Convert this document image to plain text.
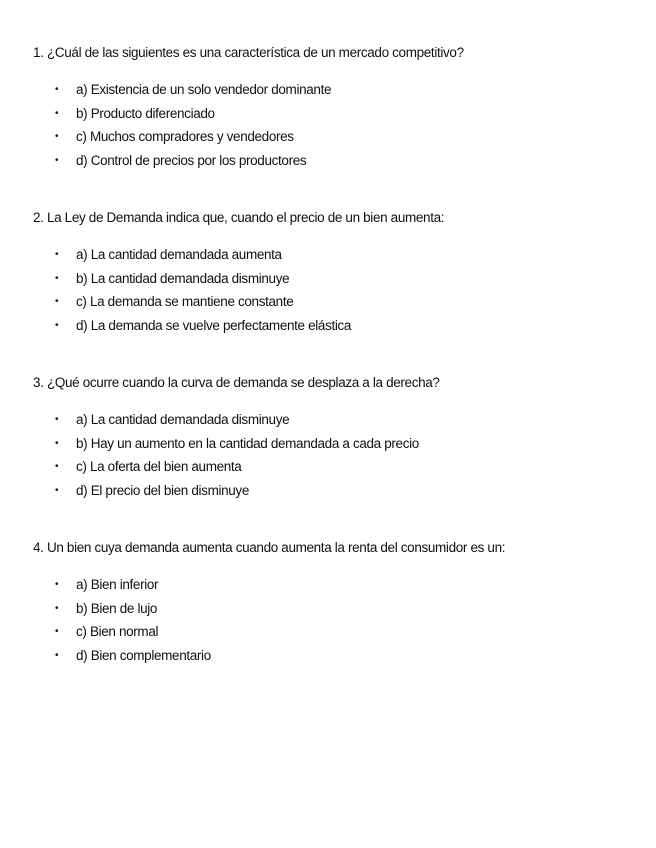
1. ¿Cuál de las siguientes es una característica de un mercado competitivo?

• a) Existencia de un solo vendedor dominante
• b) Producto diferenciado
• c) Muchos compradores y vendedores
• d) Control de precios por los productores

2. La Ley de Demanda indica que, cuando el precio de un bien aumenta:

• a) La cantidad demandada aumenta
• b) La cantidad demandada disminuye
• c) La demanda se mantiene constante
• d) La demanda se vuelve perfectamente elástica

3. ¿Qué ocurre cuando la curva de demanda se desplaza a la derecha?

• a) La cantidad demandada disminuye
• b) Hay un aumento en la cantidad demandada a cada precio
• c) La oferta del bien aumenta
• d) El precio del bien disminuye

4. Un bien cuya demanda aumenta cuando aumenta la renta del consumidor es un:

• a) Bien inferior
• b) Bien de lujo
• c) Bien normal
• d) Bien complementario
